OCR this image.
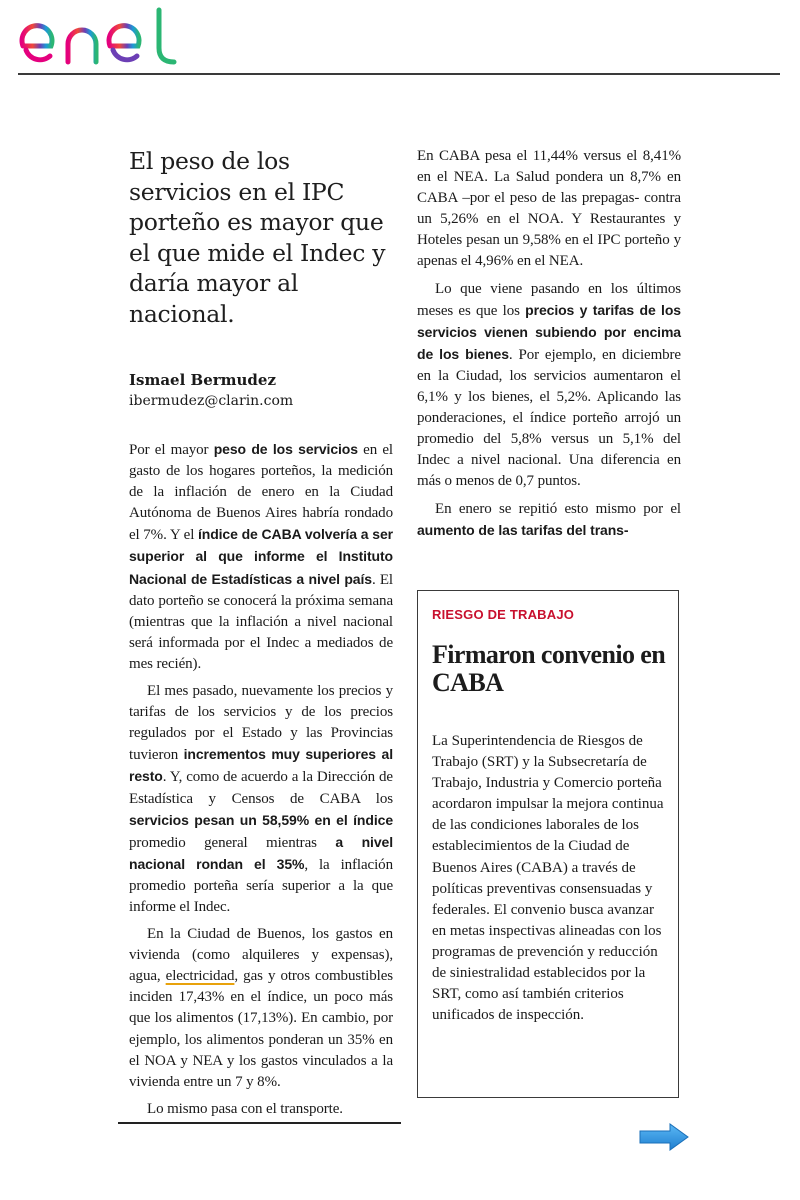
El peso de los servicios en el IPC porteño es mayor que el que mide el Indec y daría mayor al nacional.
Ismael Bermudez
ibermudez@clarin.com

Por el mayor peso de los servicios en el gasto de los hogares porteños, la medición de la inflación de enero en la Ciudad Autónoma de Buenos Aires habría rondado el 7%. Y el índice de CABA volvería a ser superior al que informe el Instituto Nacional de Estadísticas a nivel país. El dato porteño se conocerá la próxima semana (mientras que la inflación a nivel nacional será informada por el Indec a mediados de mes recién).

El mes pasado, nuevamente los precios y tarifas de los servicios y de los precios regulados por el Estado y las Provincias tuvieron incrementos muy superiores al resto. Y, como de acuerdo a la Dirección de Estadística y Censos de CABA los servicios pesan un 58,59% en el índice promedio general mientras a nivel nacional rondan el 35%, la inflación promedio porteña sería superior a la que informe el Indec.

En la Ciudad de Buenos, los gastos en vivienda (como alquileres y expensas), agua, electricidad, gas y otros combustibles inciden 17,43% en el índice, un poco más que los alimentos (17,13%). En cambio, por ejemplo, los alimentos ponderan un 35% en el NOA y NEA y los gastos vinculados a la vivienda entre un 7 y 8%.

Lo mismo pasa con el transporte.

En CABA pesa el 11,44% versus el 8,41% en el NEA. La Salud pondera un 8,7% en CABA –por el peso de las prepagas- contra un 5,26% en el NOA. Y Restaurantes y Hoteles pesan un 9,58% en el IPC porteño y apenas el 4,96% en el NEA.

Lo que viene pasando en los últimos meses es que los precios y tarifas de los servicios vienen subiendo por encima de los bienes. Por ejemplo, en diciembre en la Ciudad, los servicios aumentaron el 6,1% y los bienes, el 5,2%. Aplicando las ponderaciones, el índice porteño arrojó un promedio del 5,8% versus un 5,1% del Indec a nivel nacional. Una diferencia en más o menos de 0,7 puntos.

En enero se repitió esto mismo por el aumento de las tarifas del trans-

RIESGO DE TRABAJO
Firmaron convenio en CABA
La Superintendencia de Riesgos de Trabajo (SRT) y la Subsecretaría de Trabajo, Industria y Comercio porteña acordaron impulsar la mejora continua de las condiciones laborales de los establecimientos de la Ciudad de Buenos Aires (CABA) a través de políticas preventivas consensuadas y federales. El convenio busca avanzar en metas inspectivas alineadas con los programas de prevención y reducción de siniestralidad establecidos por la SRT, como así también criterios unificados de inspección.
